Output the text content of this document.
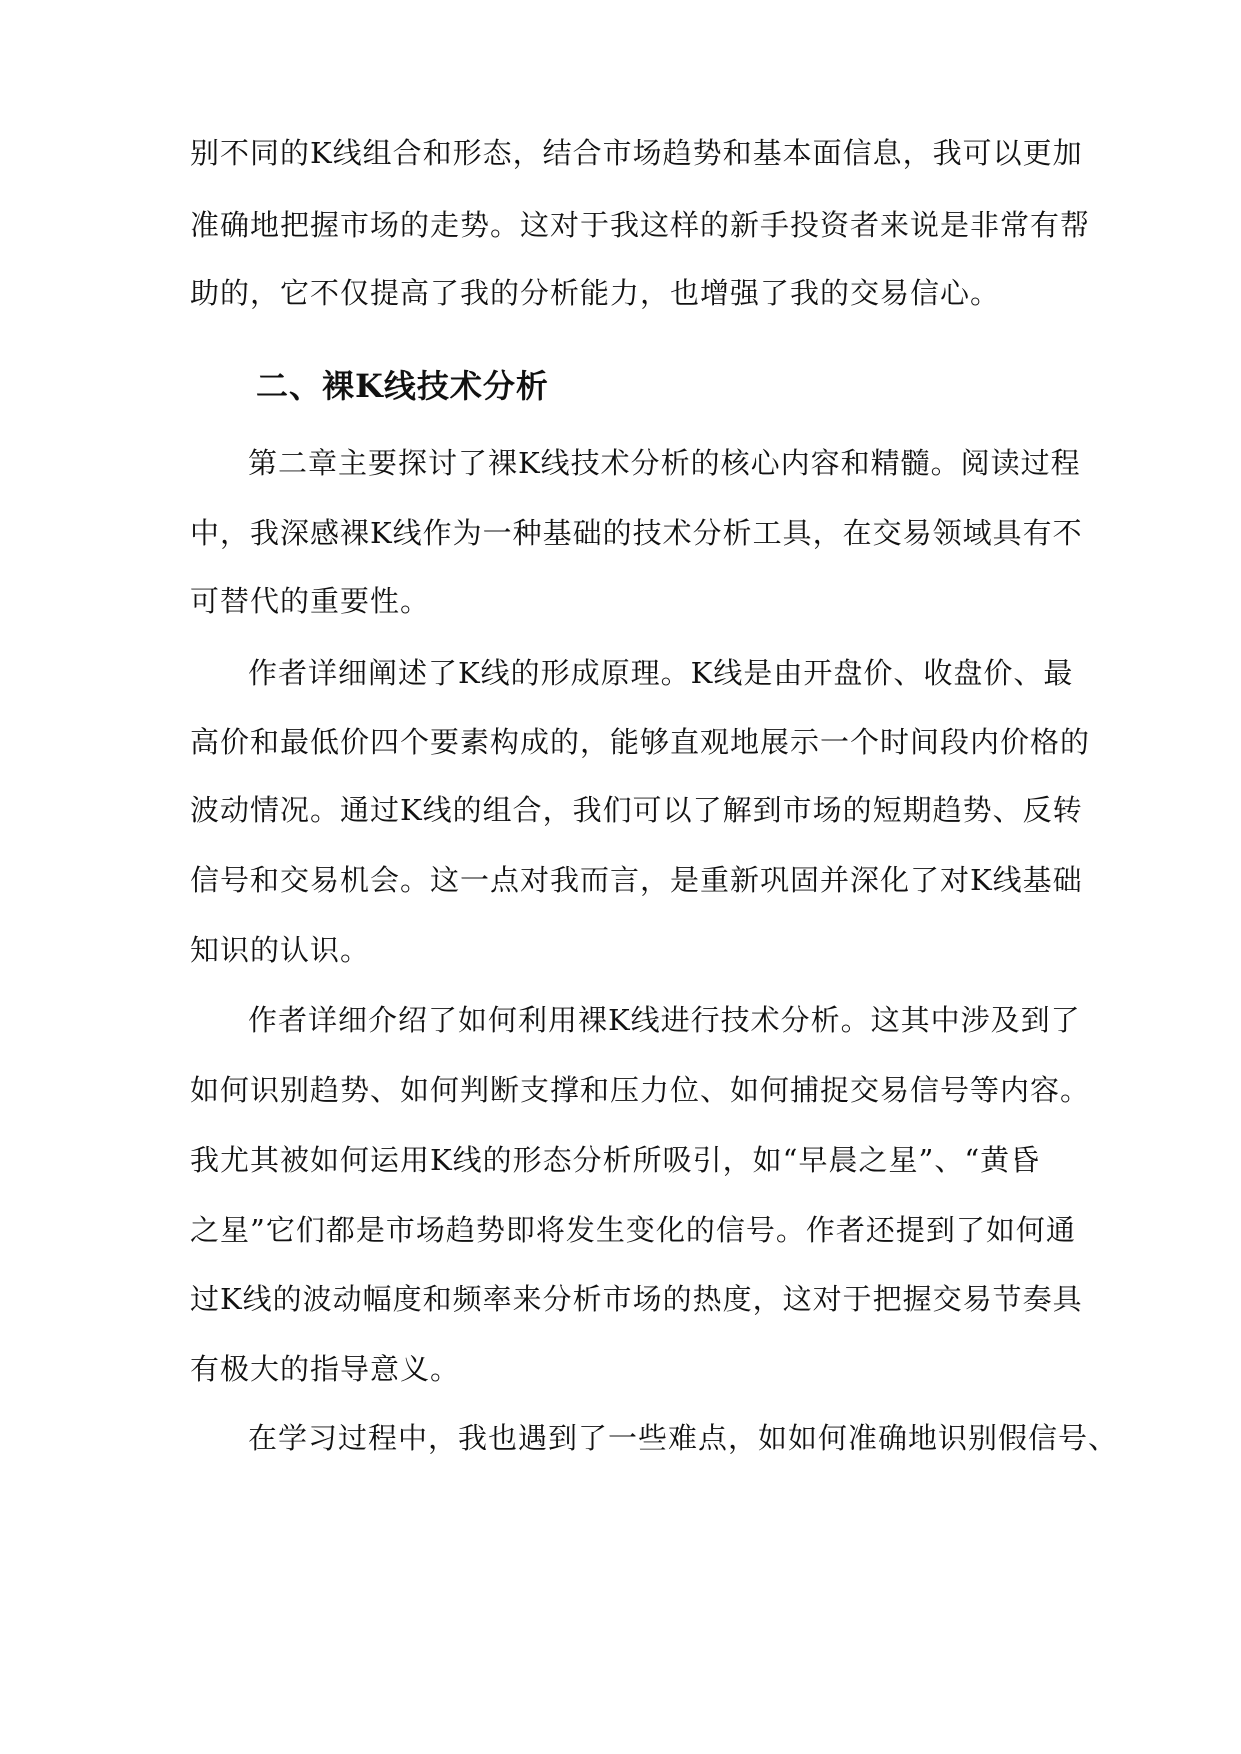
别不同的K线组合和形态，结合市场趋势和基本面信息，我可以更加
准确地把握市场的走势。这对于我这样的新手投资者来说是非常有帮
助的，它不仅提高了我的分析能力，也增强了我的交易信心。
二、裸K线技术分析
第二章主要探讨了裸K线技术分析的核心内容和精髓。阅读过程
中，我深感裸K线作为一种基础的技术分析工具，在交易领域具有不
可替代的重要性。
作者详细阐述了K线的形成原理。K线是由开盘价、收盘价、最
高价和最低价四个要素构成的，能够直观地展示一个时间段内价格的
波动情况。通过K线的组合，我们可以了解到市场的短期趋势、反转
信号和交易机会。这一点对我而言，是重新巩固并深化了对K线基础
知识的认识。
作者详细介绍了如何利用裸K线进行技术分析。这其中涉及到了
如何识别趋势、如何判断支撑和压力位、如何捕捉交易信号等内容。
我尤其被如何运用K线的形态分析所吸引，如“早晨之星”、“黄昏
之星”它们都是市场趋势即将发生变化的信号。作者还提到了如何通
过K线的波动幅度和频率来分析市场的热度，这对于把握交易节奏具
有极大的指导意义。
在学习过程中，我也遇到了一些难点，如如何准确地识别假信号、
